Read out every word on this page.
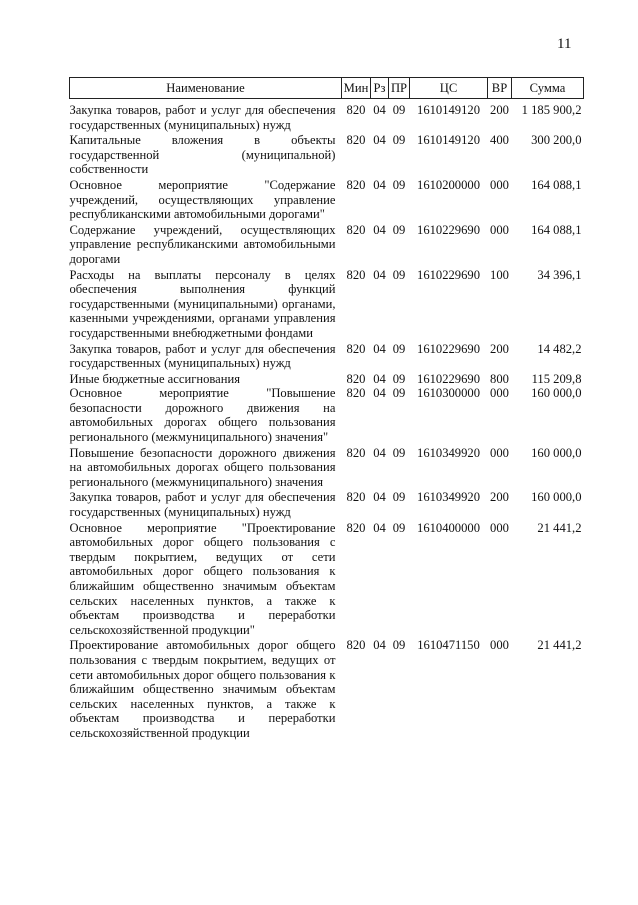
11
Наименование	Мин	Рз	ПР	ЦС	ВР	Сумма
Закупка товаров, работ и услуг для обеспечения государственных (муниципальных) нужд	820	04	09	1610149120	200	1 185 900,2
Капитальные вложения в объекты государственной (муниципальной) собственности	820	04	09	1610149120	400	300 200,0
Основное мероприятие "Содержание учреждений, осуществляющих управление республиканскими автомобильными дорогами"	820	04	09	1610200000	000	164 088,1
Содержание учреждений, осуществляющих управление республиканскими автомобильными дорогами	820	04	09	1610229690	000	164 088,1
Расходы на выплаты персоналу в целях обеспечения выполнения функций государственными (муниципальными) органами, казенными учреждениями, органами управления государственными внебюджетными фондами	820	04	09	1610229690	100	34 396,1
Закупка товаров, работ и услуг для обеспечения государственных (муниципальных) нужд	820	04	09	1610229690	200	14 482,2
Иные бюджетные ассигнования	820	04	09	1610229690	800	115 209,8
Основное мероприятие "Повышение безопасности дорожного движения на автомобильных дорогах общего пользования регионального (межмуниципального) значения"	820	04	09	1610300000	000	160 000,0
Повышение безопасности дорожного движения на автомобильных дорогах общего пользования регионального (межмуниципального) значения	820	04	09	1610349920	000	160 000,0
Закупка товаров, работ и услуг для обеспечения государственных (муниципальных) нужд	820	04	09	1610349920	200	160 000,0
Основное мероприятие "Проектирование автомобильных дорог общего пользования с твердым покрытием, ведущих от сети автомобильных дорог общего пользования к ближайшим общественно значимым объектам сельских населенных пунктов, а также к объектам производства и переработки сельскохозяйственной продукции"	820	04	09	1610400000	000	21 441,2
Проектирование автомобильных дорог общего пользования с твердым покрытием, ведущих от сети автомобильных дорог общего пользования к ближайшим общественно значимым объектам сельских населенных пунктов, а также к объектам производства и переработки сельскохозяйственной продукции	820	04	09	1610471150	000	21 441,2
